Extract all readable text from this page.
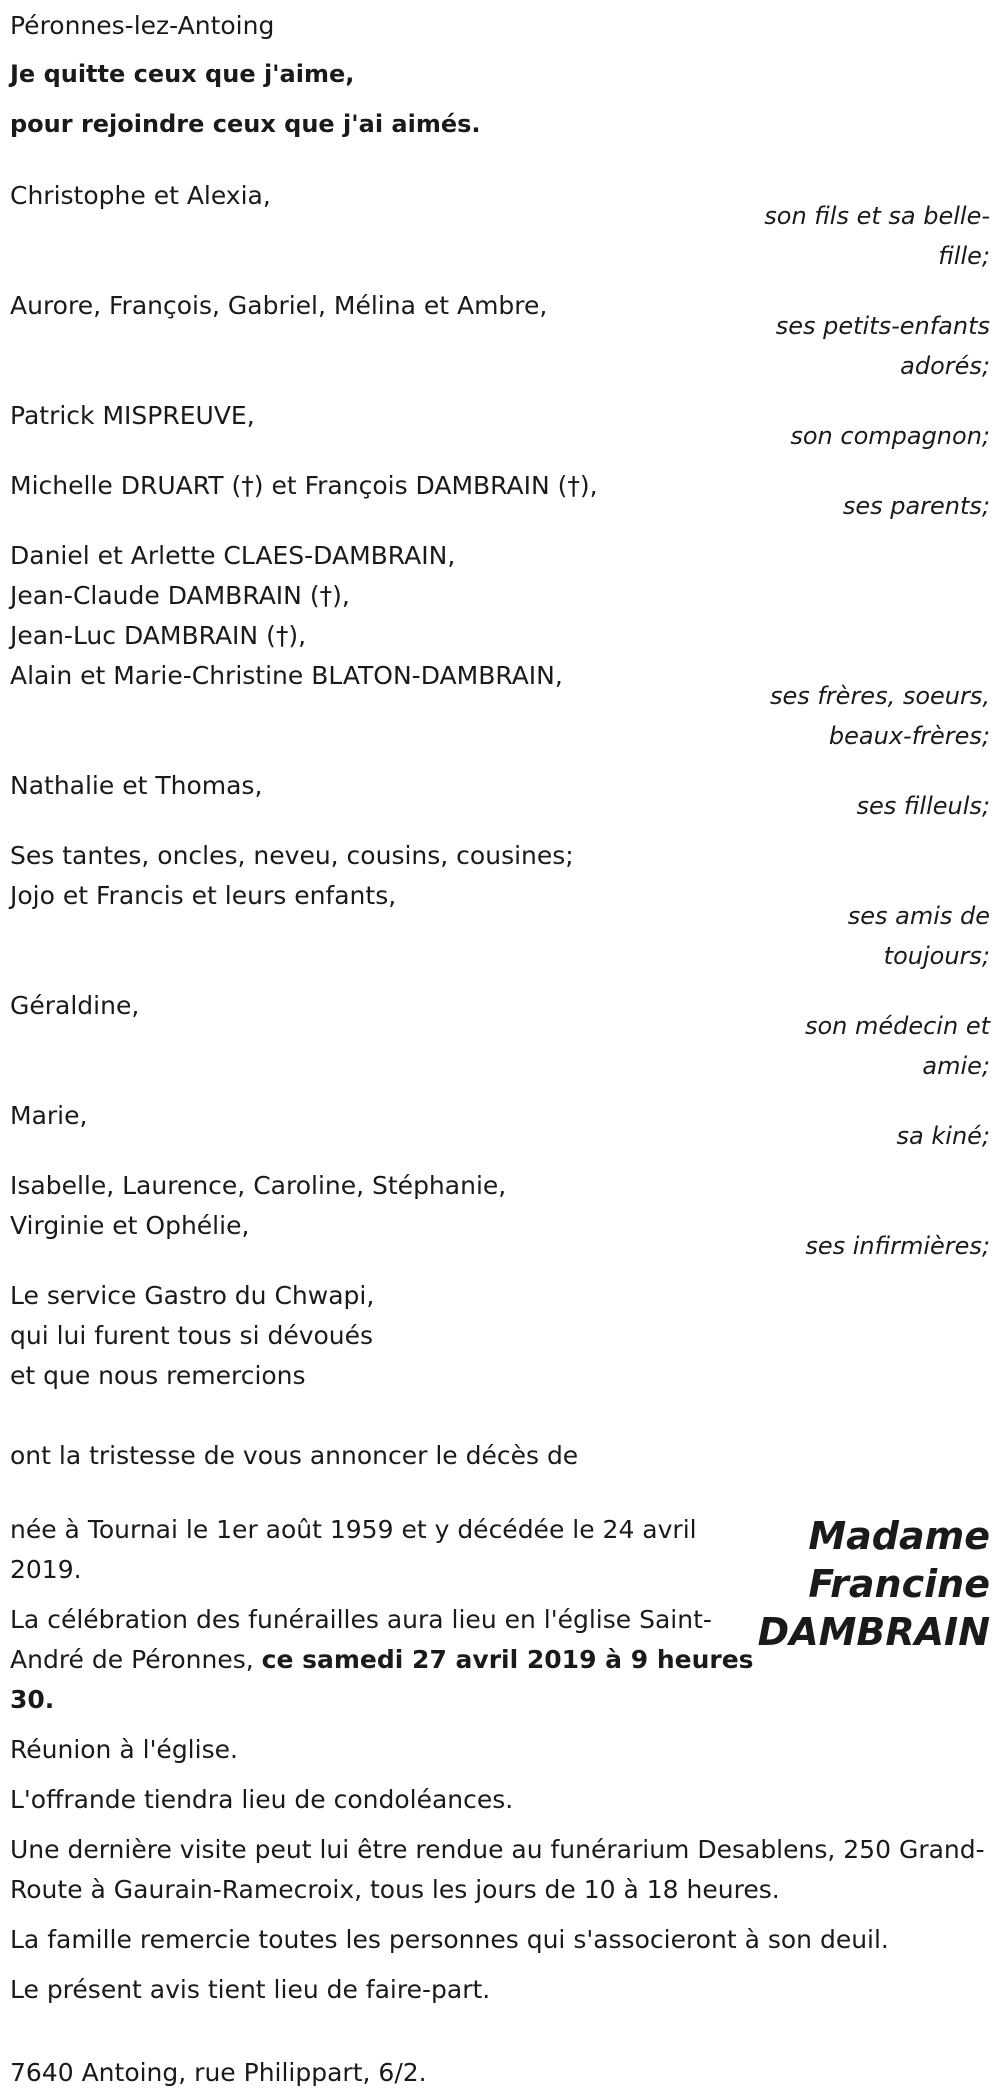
Péronnes-lez-Antoing
Je quitte ceux que j'aime,
pour rejoindre ceux que j'ai aimés.
Christophe et Alexia,
son fils et sa belle-
fille;
Aurore, François, Gabriel, Mélina et Ambre,
ses petits-enfants
adorés;
Patrick MISPREUVE,
son compagnon;
Michelle DRUART (†) et François DAMBRAIN (†),
ses parents;
Daniel et Arlette CLAES-DAMBRAIN,
Jean-Claude DAMBRAIN (†),
Jean-Luc DAMBRAIN (†),
Alain et Marie-Christine BLATON-DAMBRAIN,
ses frères, soeurs,
beaux-frères;
Nathalie et Thomas,
ses filleuls;
Ses tantes, oncles, neveu, cousins, cousines;
Jojo et Francis et leurs enfants,
ses amis de
toujours;
Géraldine,
son médecin et
amie;
Marie,
sa kiné;
Isabelle, Laurence, Caroline, Stéphanie,
Virginie et Ophélie,
ses infirmières;
Le service Gastro du Chwapi,
qui lui furent tous si dévoués
et que nous remercions
ont la tristesse de vous annoncer le décès de
née à Tournai le 1er août 1959 et y décédée le 24 avril 2019.
La célébration des funérailles aura lieu en l'église Saint-André de Péronnes, ce samedi 27 avril 2019 à 9 heures 30.
Madame
Francine
DAMBRAIN
Réunion à l'église.
L'offrande tiendra lieu de condoléances.
Une dernière visite peut lui être rendue au funérarium Desablens, 250 Grand-Route à Gaurain-Ramecroix, tous les jours de 10 à 18 heures.
La famille remercie toutes les personnes qui s'associeront à son deuil.
Le présent avis tient lieu de faire-part.
7640 Antoing, rue Philippart, 6/2.
